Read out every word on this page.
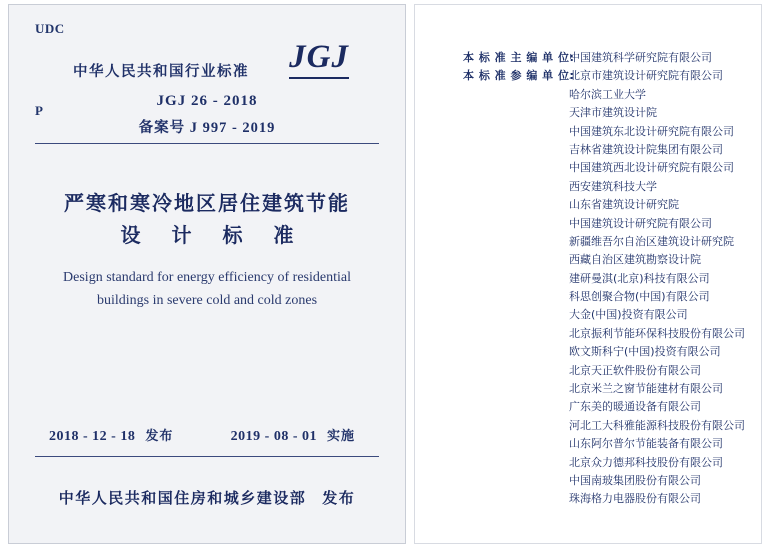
UDC
P
中华人民共和国行业标准 JGJ
JGJ 26 - 2018
备案号 J 997 - 2019
严寒和寒冷地区居住建筑节能
设 计 标 准
Design standard for energy efficiency of residential
buildings in severe cold and cold zones
2018 - 12 - 18 发布	2019 - 08 - 01 实施
中华人民共和国住房和城乡建设部 发布
本 标 准 主 编 单 位:
中国建筑科学研究院有限公司
本 标 准 参 编 单 位:
北京市建筑设计研究院有限公司
哈尔滨工业大学
天津市建筑设计院
中国建筑东北设计研究院有限公司
吉林省建筑设计院集团有限公司
中国建筑西北设计研究院有限公司
西安建筑科技大学
山东省建筑设计研究院
中国建筑设计研究院有限公司
新疆维吾尔自治区建筑设计研究院
西藏自治区建筑勘察设计院
建研曼淇(北京)科技有限公司
科思创聚合物(中国)有限公司
大金(中国)投资有限公司
北京振利节能环保科技股份有限公司
欧文斯科宁(中国)投资有限公司
北京天正软件股份有限公司
北京米兰之窗节能建材有限公司
广东美的暖通设备有限公司
河北工大科雅能源科技股份有限公司
山东阿尔普尔节能装备有限公司
北京众力德邦科技股份有限公司
中国南玻集团股份有限公司
珠海格力电器股份有限公司
